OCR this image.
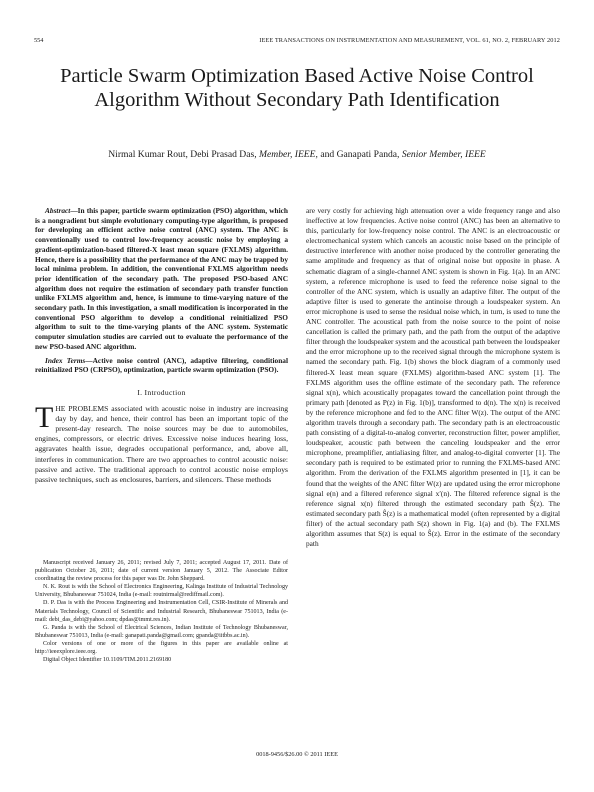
554	IEEE TRANSACTIONS ON INSTRUMENTATION AND MEASUREMENT, VOL. 61, NO. 2, FEBRUARY 2012
Particle Swarm Optimization Based Active Noise Control Algorithm Without Secondary Path Identification
Nirmal Kumar Rout, Debi Prasad Das, Member, IEEE, and Ganapati Panda, Senior Member, IEEE

Abstract—In this paper, particle swarm optimization (PSO) algorithm, which is a nongradient but simple evolutionary computing-type algorithm, is proposed for developing an efficient active noise control (ANC) system. The ANC is conventionally used to control low-frequency acoustic noise by employing a gradient-optimization-based filtered-X least mean square (FXLMS) algorithm. Hence, there is a possibility that the performance of the ANC may be trapped by local minima problem. In addition, the conventional FXLMS algorithm needs prior identification of the secondary path. The proposed PSO-based ANC algorithm does not require the estimation of secondary path transfer function unlike FXLMS algorithm and, hence, is immune to time-varying nature of the secondary path. In this investigation, a small modification is incorporated in the conventional PSO algorithm to develop a conditional reinitialized PSO algorithm to suit to the time-varying plants of the ANC system. Systematic computer simulation studies are carried out to evaluate the performance of the new PSO-based ANC algorithm.

Index Terms—Active noise control (ANC), adaptive filtering, conditional reinitialized PSO (CRPSO), optimization, particle swarm optimization (PSO).

I. Introduction

THE PROBLEMS associated with acoustic noise in industry are increasing day by day, and hence, their control has been an important topic of the present-day research. The noise sources may be due to automobiles, engines, compressors, or electric drives. Excessive noise induces hearing loss, aggravates health issue, degrades occupational performance, and, above all, interferes in communication. There are two approaches to control acoustic noise: passive and active. The traditional approach to control acoustic noise employs passive techniques, such as enclosures, barriers, and silencers. These methods

Manuscript received January 26, 2011; revised July 7, 2011; accepted August 17, 2011. Date of publication October 26, 2011; date of current version January 5, 2012. The Associate Editor coordinating the review process for this paper was Dr. John Sheppard.

N. K. Rout is with the School of Electronics Engineering, Kalinga Institute of Industrial Technology University, Bhubaneswar 751024, India (e-mail: routnirmal@rediffmail.com).

D. P. Das is with the Process Engineering and Instrumentation Cell, CSIR-Institute of Minerals and Materials Technology, Council of Scientific and Industrial Research, Bhubaneswar 751013, India (e-mail: debi_das_debi@yahoo.com; dpdas@immt.res.in).

G. Panda is with the School of Electrical Sciences, Indian Institute of Technology Bhubaneswar, Bhubaneswar 751013, India (e-mail: ganapati.panda@gmail.com; gpanda@iitbbs.ac.in).

Color versions of one or more of the figures in this paper are available online at http://ieeexplore.ieee.org.

Digital Object Identifier 10.1109/TIM.2011.2169180

are very costly for achieving high attenuation over a wide frequency range and also ineffective at low frequencies. Active noise control (ANC) has been an alternative to this, particularly for low-frequency noise control. The ANC is an electroacoustic or electromechanical system which cancels an acoustic noise based on the principle of destructive interference with another noise produced by the controller generating the same amplitude and frequency as that of original noise but opposite in phase. A schematic diagram of a single-channel ANC system is shown in Fig. 1(a). In an ANC system, a reference microphone is used to feed the reference noise signal to the controller of the ANC system, which is usually an adaptive filter. The output of the adaptive filter is used to generate the antinoise through a loudspeaker system. An error microphone is used to sense the residual noise which, in turn, is used to tune the ANC controller. The acoustical path from the noise source to the point of noise cancellation is called the primary path, and the path from the output of the adaptive filter through the loudspeaker system and the acoustical path between the loudspeaker and the error microphone up to the received signal through the microphone system is named the secondary path. Fig. 1(b) shows the block diagram of a commonly used filtered-X least mean square (FXLMS) algorithm-based ANC system [1]. The FXLMS algorithm uses the offline estimate of the secondary path. The reference signal x(n), which acoustically propagates toward the cancellation point through the primary path [denoted as P(z) in Fig. 1(b)], transformed to d(n). The x(n) is received by the reference microphone and fed to the ANC filter W(z). The output of the ANC algorithm travels through a secondary path. The secondary path is an electroacoustic path consisting of a digital-to-analog converter, reconstruction filter, power amplifier, loudspeaker, acoustic path between the canceling loudspeaker and the error microphone, preamplifier, antialiasing filter, and analog-to-digital converter [1]. The secondary path is required to be estimated prior to running the FXLMS-based ANC algorithm. From the derivation of the FXLMS algorithm presented in [1], it can be found that the weights of the ANC filter W(z) are updated using the error microphone signal e(n) and a filtered reference signal x′(n). The filtered reference signal is the reference signal x(n) filtered through the estimated secondary path Ŝ(z). The estimated secondary path Ŝ(z) is a mathematical model (often represented by a digital filter) of the actual secondary path S(z) shown in Fig. 1(a) and (b). The FXLMS algorithm assumes that S(z) is equal to Ŝ(z). Error in the estimate of the secondary path

0018-9456/$26.00 © 2011 IEEE
